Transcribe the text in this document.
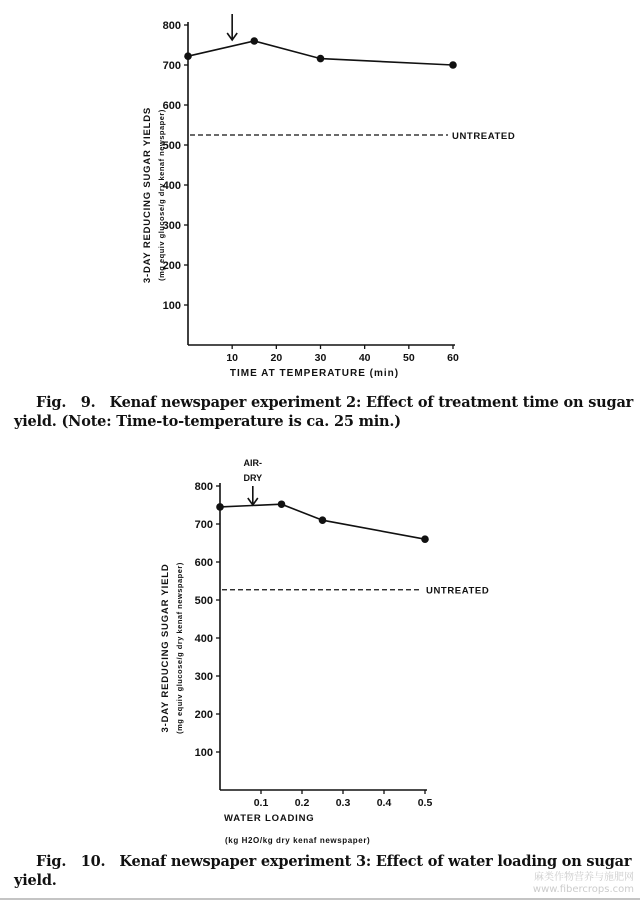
100
200
300
400
500
600
700
800
10	20	30	40	50	60
TIME AT TEMPERATURE (min)
3-DAY REDUCING SUGAR YIELDS (mg equiv glucose/g dry kenaf newspaper)	UNTREATED
100
200
300
400
500
600
700
800
0.1	0.2	0.3	0.4	0.5
WATER LOADING
(kg H2O/kg dry kenaf newspaper)
3-DAY REDUCING SUGAR YIELD (mg equiv glucose/g dry kenaf newspaper)	UNTREATED
AIR-
DRY
Fig.   9. Kenaf newspaper experiment 2: Effect of treatment time on sugar yield. (Note: Time-to-temperature is ca. 25 min.)
Fig.   10. Kenaf newspaper experiment 3: Effect of water loading on sugar yield.	麻类作物营养与施肥网
www.fibercrops.com
